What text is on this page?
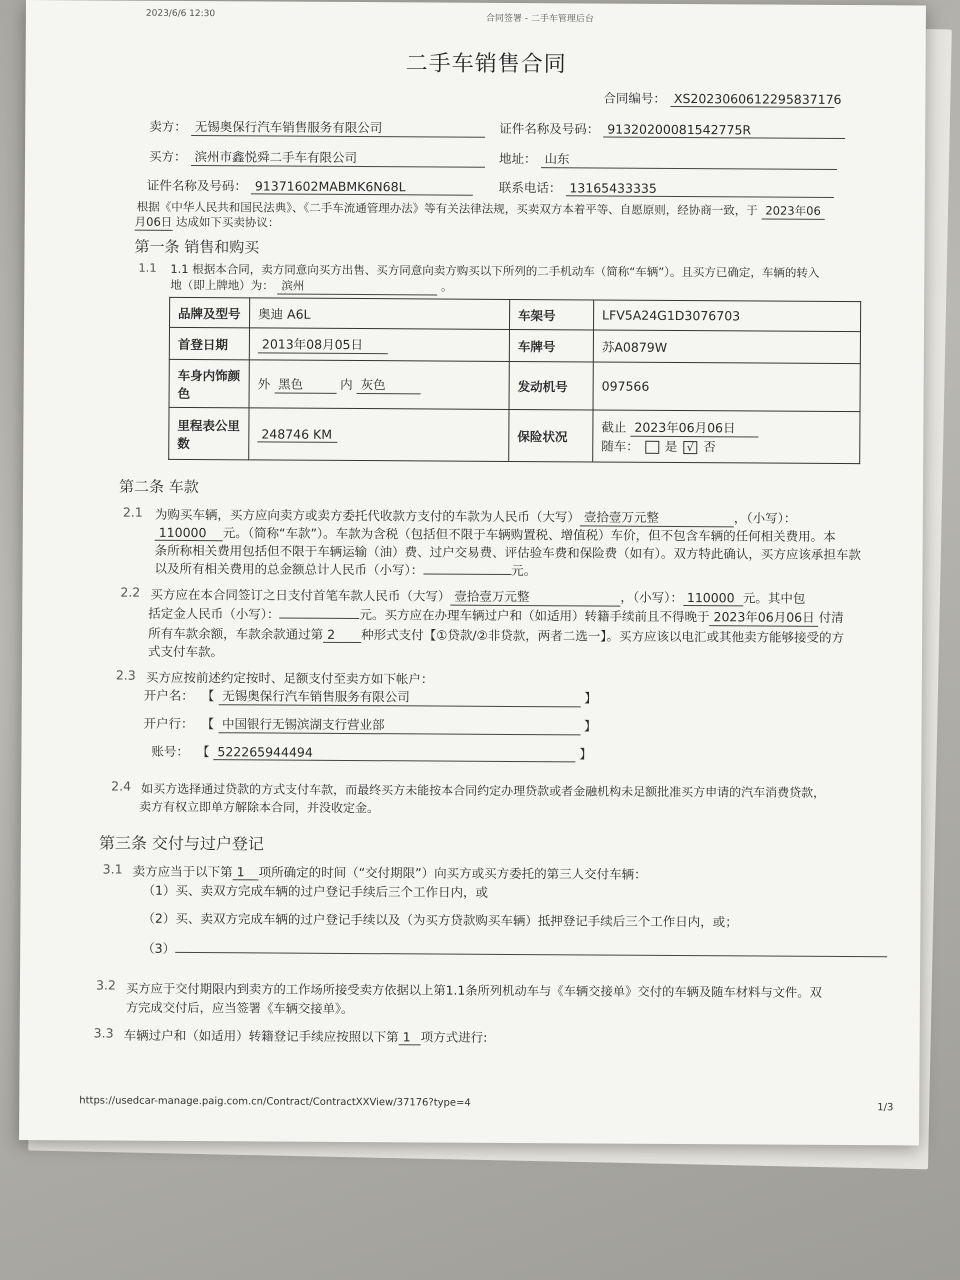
2023/6/6 12:30	合同签署 - 二手车管理后台
二手车销售合同
合同编号： XS2023060612295837176
卖方： 无锡奥保行汽车销售服务有限公司	证件名称及号码： 91320200081542775R
买方： 滨州市鑫悦舜二手车有限公司	地址： 山东
证件名称及号码： 91371602MABMK6N68L	联系电话： 13165433335
根据《中华人民共和国民法典》、《二手车流通管理办法》等有关法律法规，买卖双方本着平等、自愿原则，经协商一致，于 2023年06
月06日 达成如下买卖协议：
第一条 销售和购买
1.1 1.1 根据本合同，卖方同意向买方出售、买方同意向卖方购买以下所列的二手机动车（简称“车辆”）。且买方已确定，车辆的转入
地（即上牌地）为： 滨州	。
品牌及型号	奥迪 A6L	车架号	LFV5A24G1D3076703
首登日期	2013年08月05日	车牌号	苏A0879W
车身内饰颜色	外 黑色 内 灰色	发动机号	097566
里程表公里数	248746 KM	保险状况	截止 2023年06月06日
随车： 是 √ 否
第二条 车款
2.1 为购买车辆，买方应向卖方或卖方委托代收款方支付的车款为人民币（大写） 壹拾壹万元整	，（小写）：
110000 元。（简称“车款”）。车款为含税（包括但不限于车辆购置税、增值税）车价，但不包含车辆的任何相关费用。本
条所称相关费用包括但不限于车辆运输（油）费、过户交易费、评估验车费和保险费（如有）。双方特此确认，买方应该承担车款
以及所有相关费用的总金额总计人民币（小写）：	元。
2.2 买方应在本合同签订之日支付首笔车款人民币（大写） 壹拾壹万元整	，（小写）： 110000 元。其中包
括定金人民币（小写）：	元。买方应在办理车辆过户和（如适用）转籍手续前且不得晚于 2023年06月06日 付清
所有车款余额，车款余款通过第 2 种形式支付【①贷款/②非贷款，两者二选一】。买方应该以电汇或其他卖方能够接受的方
式支付车款。
2.3 买方应按前述约定按时、足额支付至卖方如下帐户：
开户名： 【 无锡奥保行汽车销售服务有限公司	】
开户行： 【 中国银行无锡滨湖支行营业部	】
账号： 【 522265944494	】
2.4 如买方选择通过贷款的方式支付车款，而最终买方未能按本合同约定办理贷款或者金融机构未足额批准买方申请的汽车消费贷款，
卖方有权立即单方解除本合同，并没收定金。
第三条 交付与过户登记
3.1 卖方应当于以下第 1 项所确定的时间（“交付期限”）向买方或买方委托的第三人交付车辆：
（1）买、卖双方完成车辆的过户登记手续后三个工作日内，或
（2）买、卖双方完成车辆的过户登记手续以及（为买方贷款购买车辆）抵押登记手续后三个工作日内，或；
（3）
3.2 买方应于交付期限内到卖方的工作场所接受卖方依据以上第1.1条所列机动车与《车辆交接单》交付的车辆及随车材料与文件。双
方完成交付后，应当签署《车辆交接单》。
3.3 车辆过户和（如适用）转籍登记手续应按照以下第 1 项方式进行:
https://usedcar-manage.paig.com.cn/Contract/ContractXXView/37176?type=4	1/3
